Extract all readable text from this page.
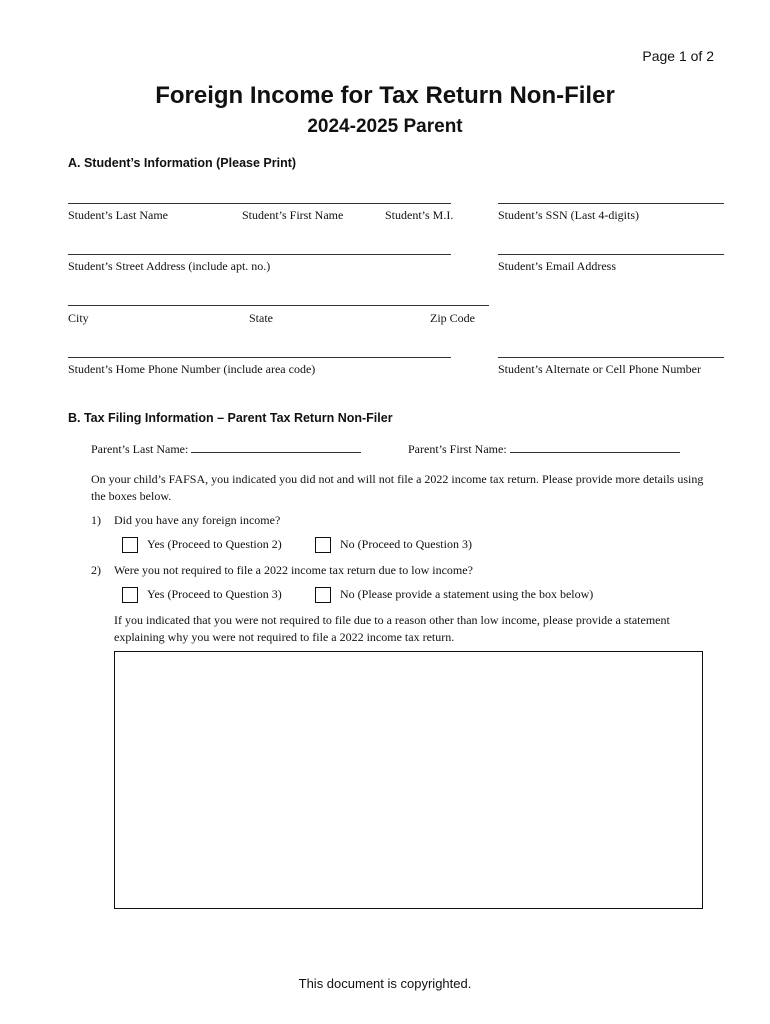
Page 1 of 2
Foreign Income for Tax Return Non-Filer
2024-2025 Parent
A. Student’s Information (Please Print)
Student’s Last Name	Student’s First Name	Student’s M.I.	Student’s SSN (Last 4-digits)
Student’s Street Address (include apt. no.)	Student’s Email Address
City	State	Zip Code
Student’s Home Phone Number (include area code)	Student’s Alternate or Cell Phone Number
B. Tax Filing Information – Parent Tax Return Non-Filer
Parent’s Last Name:	Parent’s First Name:
On your child’s FAFSA, you indicated you did not and will not file a 2022 income tax return. Please provide more details using the boxes below.
1) Did you have any foreign income?
Yes (Proceed to Question 2)	No (Proceed to Question 3)
2) Were you not required to file a 2022 income tax return due to low income?
Yes (Proceed to Question 3)	No (Please provide a statement using the box below)
If you indicated that you were not required to file due to a reason other than low income, please provide a statement explaining why you were not required to file a 2022 income tax return.
This document is copyrighted.
